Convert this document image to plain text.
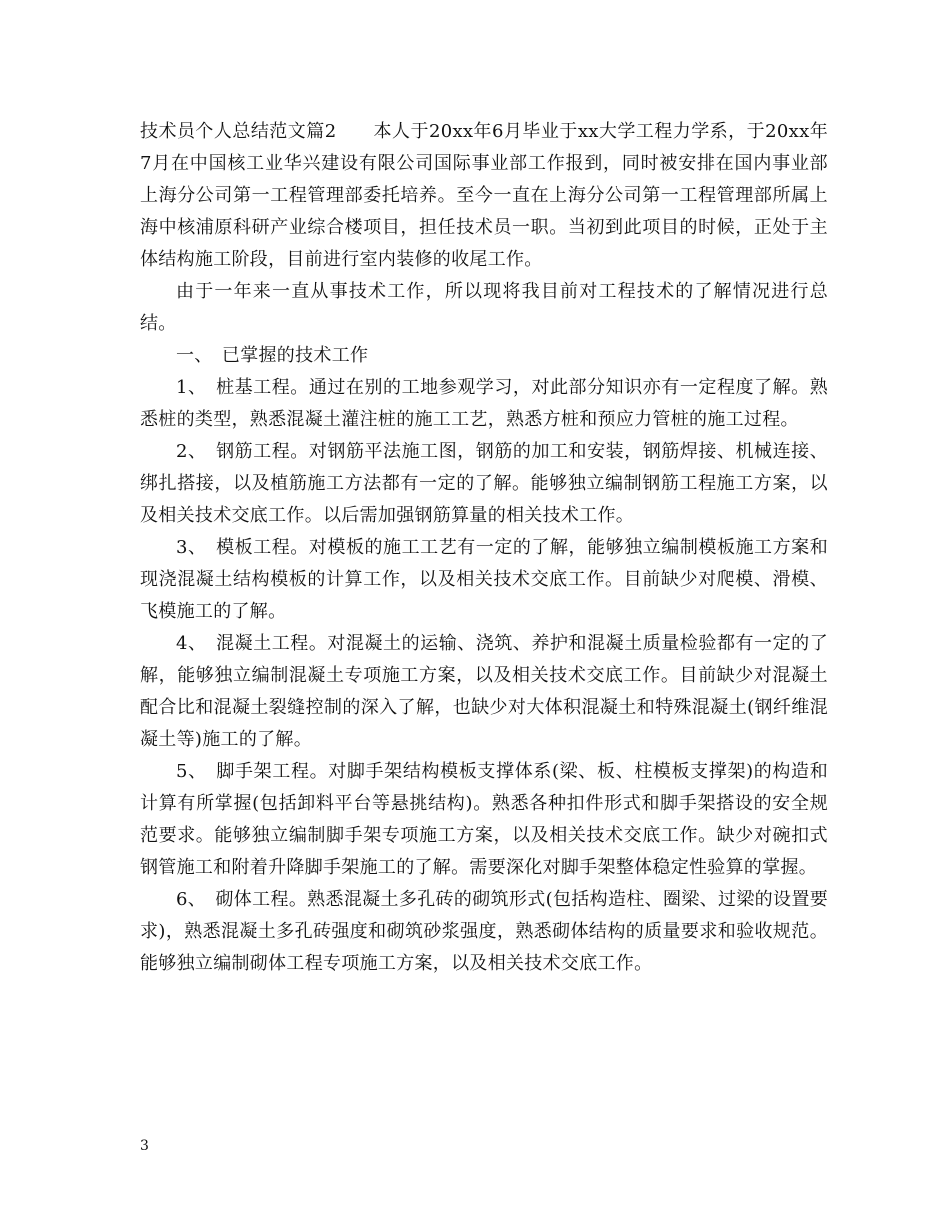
技术员个人总结范文篇2　　本人于20xx年6月毕业于xx大学工程力学系，于20xx年7月在中国核工业华兴建设有限公司国际事业部工作报到，同时被安排在国内事业部上海分公司第一工程管理部委托培养。至今一直在上海分公司第一工程管理部所属上海中核浦原科研产业综合楼项目，担任技术员一职。当初到此项目的时候，正处于主体结构施工阶段，目前进行室内装修的收尾工作。

由于一年来一直从事技术工作，所以现将我目前对工程技术的了解情况进行总结。

一、　已掌握的技术工作

1、　桩基工程。通过在别的工地参观学习，对此部分知识亦有一定程度了解。熟悉桩的类型，熟悉混凝土灌注桩的施工工艺，熟悉方桩和预应力管桩的施工过程。

2、　钢筋工程。对钢筋平法施工图，钢筋的加工和安装，钢筋焊接、机械连接、绑扎搭接，以及植筋施工方法都有一定的了解。能够独立编制钢筋工程施工方案，以及相关技术交底工作。以后需加强钢筋算量的相关技术工作。

3、　模板工程。对模板的施工工艺有一定的了解，能够独立编制模板施工方案和现浇混凝土结构模板的计算工作，以及相关技术交底工作。目前缺少对爬模、滑模、飞模施工的了解。

4、　混凝土工程。对混凝土的运输、浇筑、养护和混凝土质量检验都有一定的了解，能够独立编制混凝土专项施工方案，以及相关技术交底工作。目前缺少对混凝土配合比和混凝土裂缝控制的深入了解，也缺少对大体积混凝土和特殊混凝土(钢纤维混凝土等)施工的了解。

5、　脚手架工程。对脚手架结构模板支撑体系(梁、板、柱模板支撑架)的构造和计算有所掌握(包括卸料平台等悬挑结构)。熟悉各种扣件形式和脚手架搭设的安全规范要求。能够独立编制脚手架专项施工方案，以及相关技术交底工作。缺少对碗扣式钢管施工和附着升降脚手架施工的了解。需要深化对脚手架整体稳定性验算的掌握。

6、　砌体工程。熟悉混凝土多孔砖的砌筑形式(包括构造柱、圈梁、过梁的设置要求)，熟悉混凝土多孔砖强度和砌筑砂浆强度，熟悉砌体结构的质量要求和验收规范。能够独立编制砌体工程专项施工方案，以及相关技术交底工作。

3
